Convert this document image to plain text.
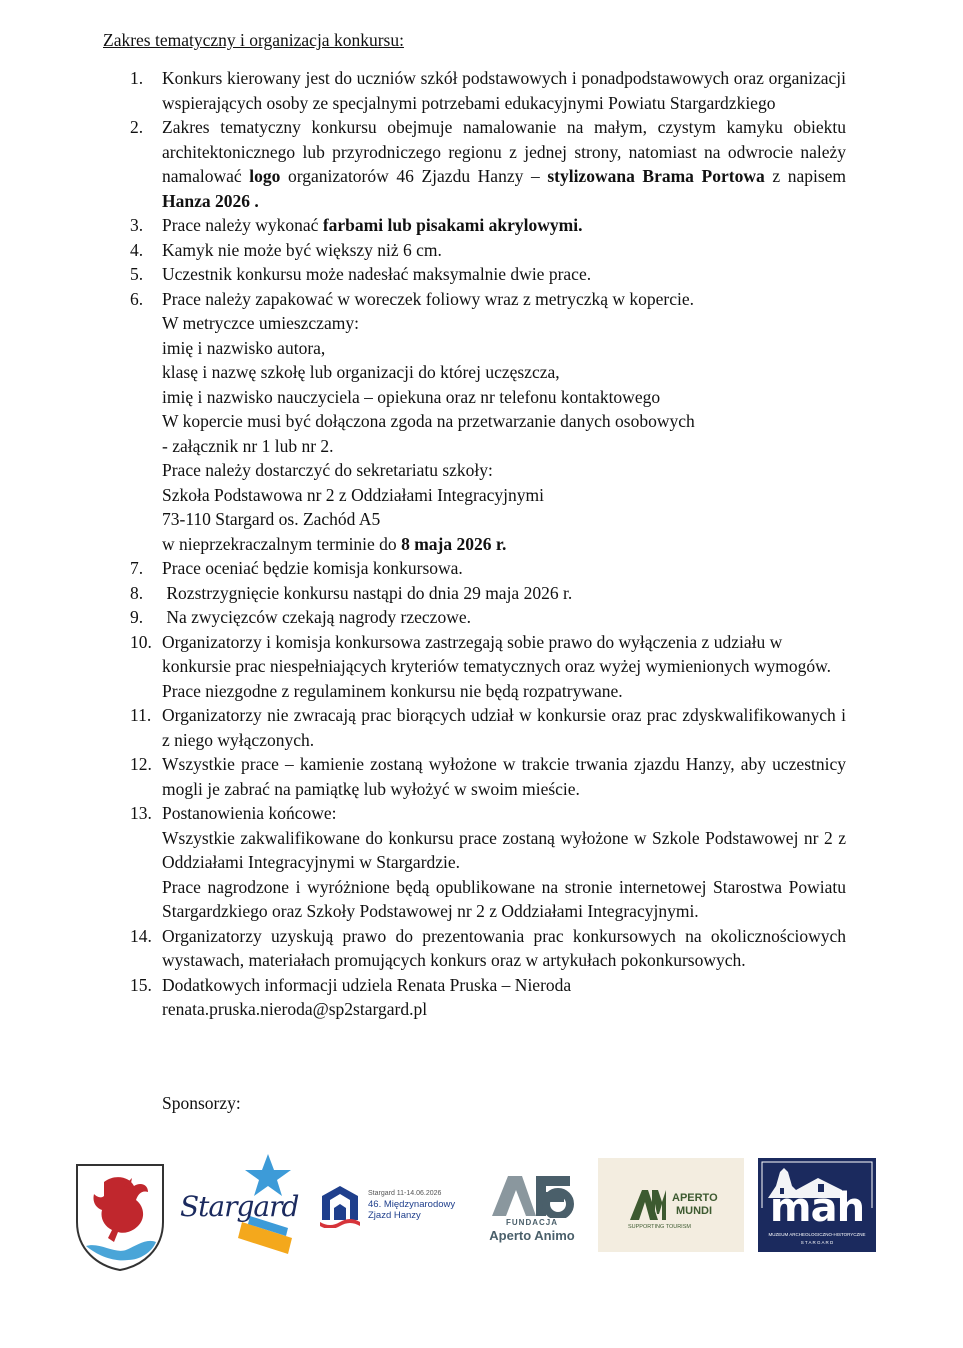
Zakres tematyczny i organizacja konkursu:
1. Konkurs kierowany jest do uczniów szkół podstawowych i ponadpodstawowych oraz organizacji wspierających osoby ze specjalnymi potrzebami edukacyjnymi Powiatu Stargardzkiego
2. Zakres tematyczny konkursu obejmuje namalowanie na małym, czystym kamyku obiektu architektonicznego lub przyrodniczego regionu z jednej strony, natomiast na odwrocie należy namalować logo organizatorów 46 Zjazdu Hanzy – stylizowana Brama Portowa z napisem Hanza 2026 .
3. Prace należy wykonać farbami lub pisakami akrylowymi.
4. Kamyk nie może być większy niż 6 cm.
5. Uczestnik konkursu może nadesłać maksymalnie dwie prace.
6. Prace należy zapakować w woreczek foliowy wraz z metryczką w kopercie.
W metryczce umieszczamy:
imię i nazwisko autora,
klasę i nazwę szkołę lub organizacji do której uczęszcza,
imię i nazwisko nauczyciela – opiekuna oraz nr telefonu kontaktowego
W kopercie musi być dołączona zgoda na przetwarzanie danych osobowych
- załącznik nr 1 lub nr 2.
Prace należy dostarczyć do sekretariatu szkoły:
Szkoła Podstawowa nr 2 z Oddziałami Integracyjnymi
73-110 Stargard os. Zachód A5
w nieprzekraczalnym terminie do 8 maja 2026 r.
7. Prace oceniać będzie komisja konkursowa.
8. Rozstrzygnięcie konkursu nastąpi do dnia 29 maja 2026 r.
9. Na zwycięzców czekają nagrody rzeczowe.
10. Organizatorzy i komisja konkursowa zastrzegają sobie prawo do wyłączenia z udziału w konkursie prac niespełniających kryteriów tematycznych oraz wyżej wymienionych wymogów. Prace niezgodne z regulaminem konkursu nie będą rozpatrywane.
11. Organizatorzy nie zwracają prac biorących udział w konkursie oraz prac zdyskwalifikowanych i z niego wyłączonych.
12. Wszystkie prace – kamienie zostaną wyłożone w trakcie trwania zjazdu Hanzy, aby uczestnicy mogli je zabrać na pamiątkę lub wyłożyć w swoim mieście.
13. Postanowienia końcowe:
Wszystkie zakwalifikowane do konkursu prace zostaną wyłożone w Szkole Podstawowej nr 2 z Oddziałami Integracyjnymi w Stargardzie.
Prace nagrodzone i wyróżnione będą opublikowane na stronie internetowej Starostwa Powiatu Stargardzkiego oraz Szkoły Podstawowej nr 2 z Oddziałami Integracyjnymi.
14. Organizatorzy uzyskują prawo do prezentowania prac konkursowych na okolicznościowych wystawach, materiałach promujących konkurs oraz w artykułach pokonkursowych.
15. Dodatkowych informacji udziela Renata Pruska – Nieroda
renata.pruska.nieroda@sp2stargard.pl
Sponsorzy:
Stargard	Stargard 11-14.06.2026
46. Międzynarodowy
Zjazd Hanzy
FUNDACJA
Aperto Animo
APERTO
MUNDI
SUPPORTING TOURISM mah
MUZEUM ARCHEOLOGICZNO-HISTORYCZNE
S T A R G A R D
